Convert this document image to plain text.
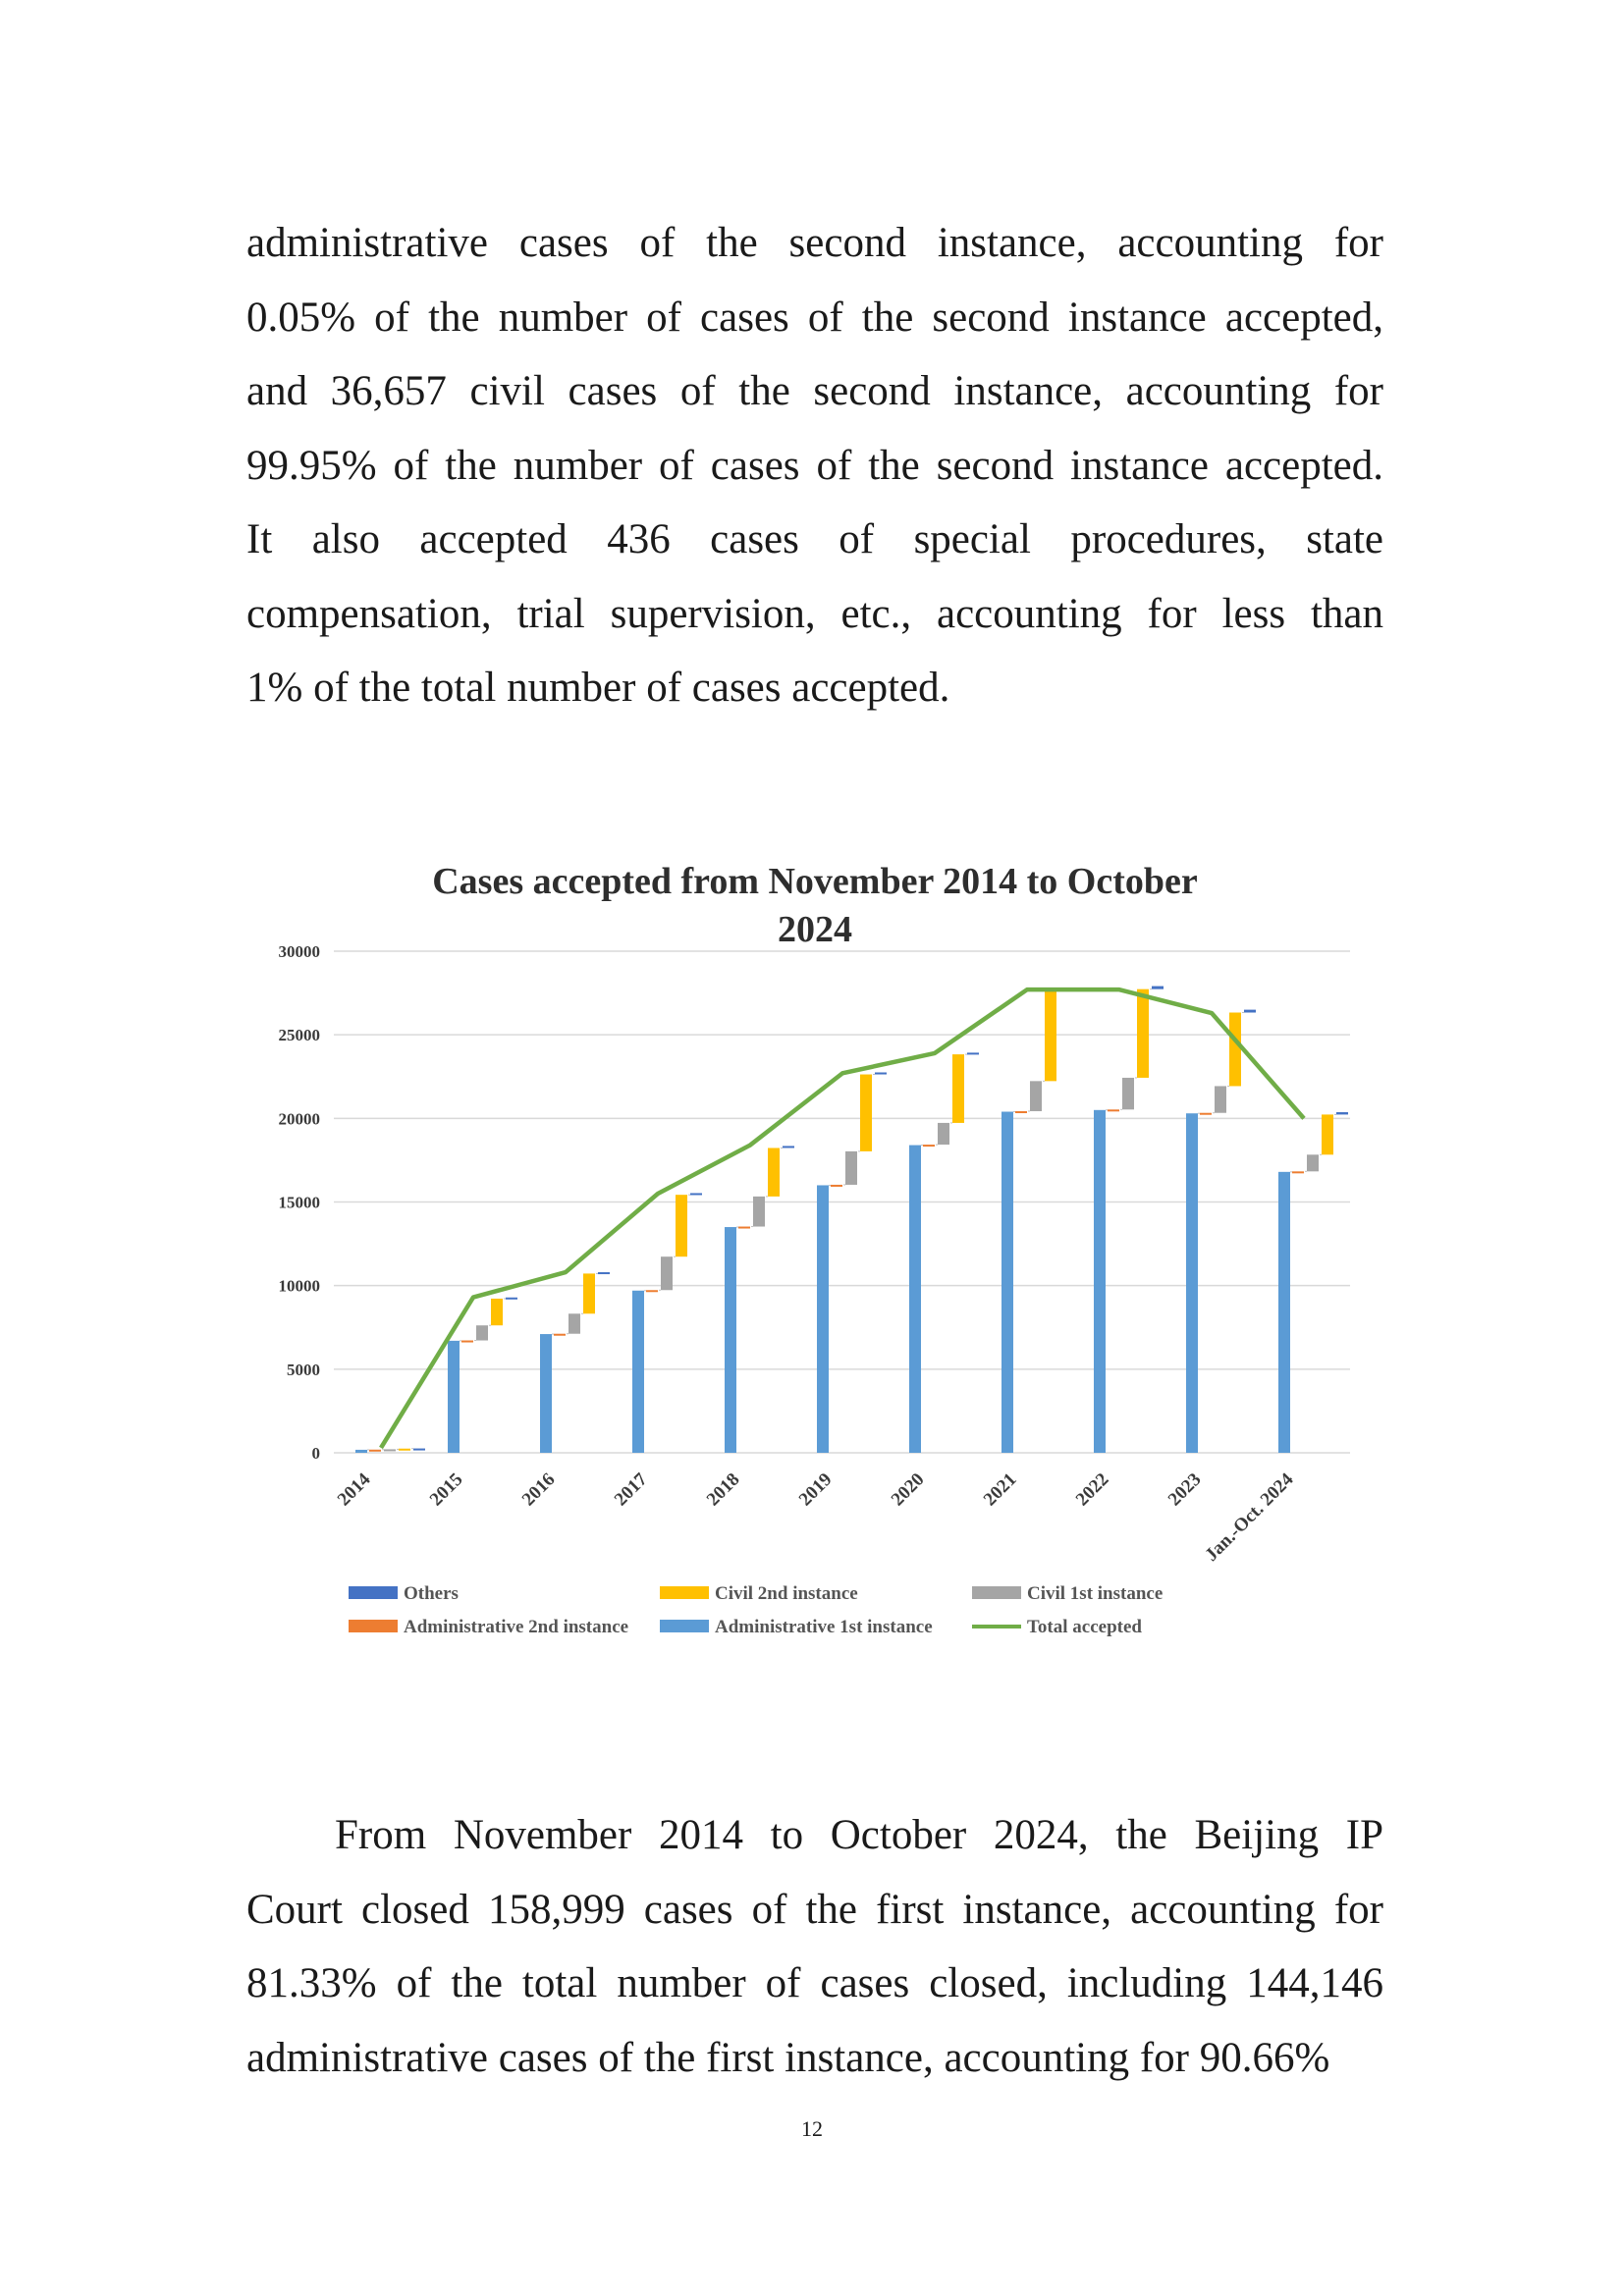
administrative cases of the second instance, accounting for
0.05% of the number of cases of the second instance accepted,
and 36,657 civil cases of the second instance, accounting for
99.95% of the number of cases of the second instance accepted.
It also accepted 436 cases of special procedures, state
compensation, trial supervision, etc., accounting for less than
1% of the total number of cases accepted.

Cases accepted from November 2014 to October
2024
0
5000
10000
15000
20000
25000
30000
2014	2015	2016	2017	2018	2019	2020	2021	2022	2023
Jan.-Oct. 2024
Others	Civil 2nd instance	Civil 1st instance
Administrative 2nd instance	Administrative 1st instance	Total accepted

From November 2014 to October 2024, the Beijing IP
Court closed 158,999 cases of the first instance, accounting for
81.33% of the total number of cases closed, including 144,146
administrative cases of the first instance, accounting for 90.66%

12
